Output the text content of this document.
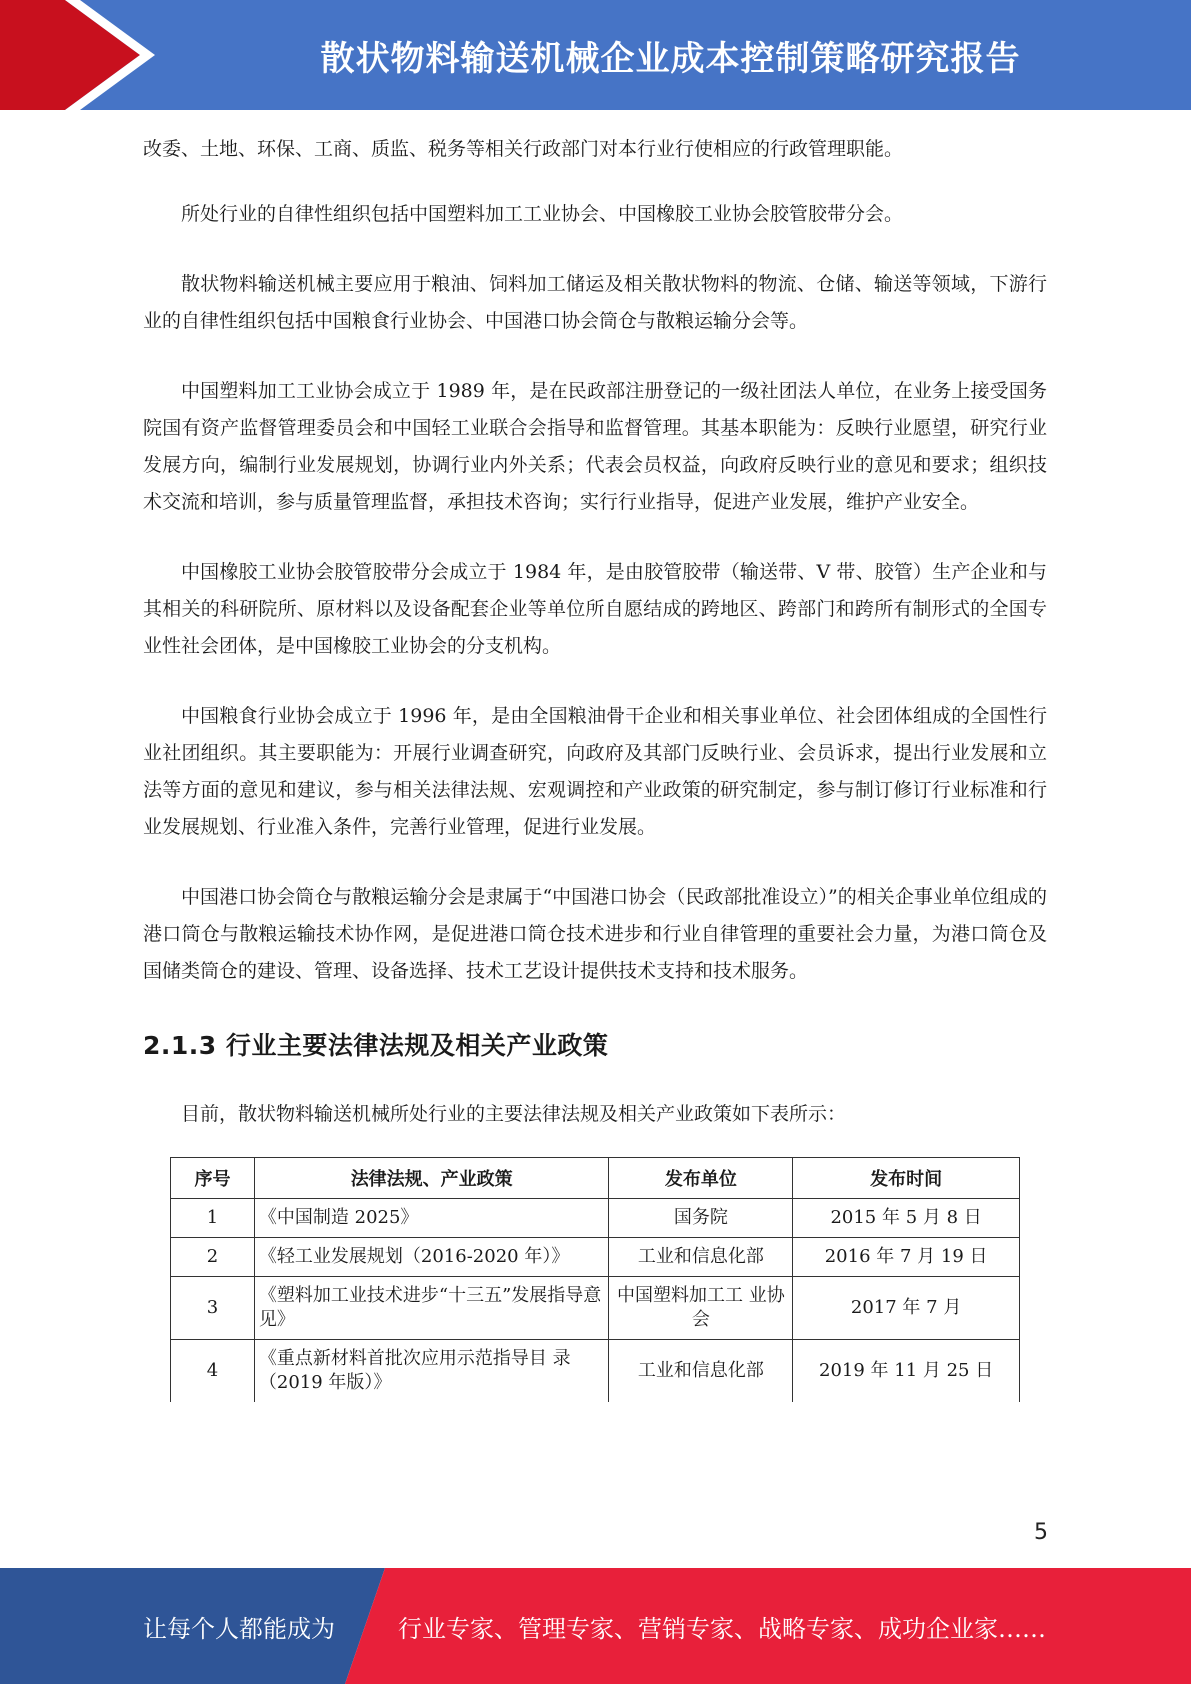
散状物料输送机械企业成本控制策略研究报告

改委、土地、环保、工商、质监、税务等相关行政部门对本行业行使相应的行政管理职能。

所处行业的自律性组织包括中国塑料加工工业协会、中国橡胶工业协会胶管胶带分会。

散状物料输送机械主要应用于粮油、饲料加工储运及相关散状物料的物流、仓储、输送等领域，下游行业的自律性组织包括中国粮食行业协会、中国港口协会筒仓与散粮运输分会等。

中国塑料加工工业协会成立于 1989 年，是在民政部注册登记的一级社团法人单位，在业务上接受国务院国有资产监督管理委员会和中国轻工业联合会指导和监督管理。其基本职能为：反映行业愿望，研究行业发展方向，编制行业发展规划，协调行业内外关系；代表会员权益，向政府反映行业的意见和要求；组织技术交流和培训，参与质量管理监督，承担技术咨询；实行行业指导，促进产业发展，维护产业安全。

中国橡胶工业协会胶管胶带分会成立于 1984 年，是由胶管胶带（输送带、V 带、胶管）生产企业和与其相关的科研院所、原材料以及设备配套企业等单位所自愿结成的跨地区、跨部门和跨所有制形式的全国专业性社会团体，是中国橡胶工业协会的分支机构。

中国粮食行业协会成立于 1996 年，是由全国粮油骨干企业和相关事业单位、社会团体组成的全国性行业社团组织。其主要职能为：开展行业调查研究，向政府及其部门反映行业、会员诉求，提出行业发展和立法等方面的意见和建议，参与相关法律法规、宏观调控和产业政策的研究制定，参与制订修订行业标准和行业发展规划、行业准入条件，完善行业管理，促进行业发展。

中国港口协会筒仓与散粮运输分会是隶属于“中国港口协会（民政部批准设立）”的相关企事业单位组成的港口筒仓与散粮运输技术协作网，是促进港口筒仓技术进步和行业自律管理的重要社会力量，为港口筒仓及国储类筒仓的建设、管理、设备选择、技术工艺设计提供技术支持和技术服务。

2.1.3 行业主要法律法规及相关产业政策

目前，散状物料输送机械所处行业的主要法律法规及相关产业政策如下表所示：

序号	法律法规、产业政策	发布单位	发布时间
1	《中国制造 2025》	国务院	2015 年 5 月 8 日
2	《轻工业发展规划（2016-2020 年）》	工业和信息化部	2016 年 7 月 19 日
3	《塑料加工业技术进步“十三五”发展指导意见》	中国塑料加工工 业协会	2017 年 7 月
4	《重点新材料首批次应用示范指导目 录（2019 年版）》	工业和信息化部	2019 年 11 月 25 日
5
让每个人都能成为	行业专家、管理专家、营销专家、战略专家、成功企业家……
